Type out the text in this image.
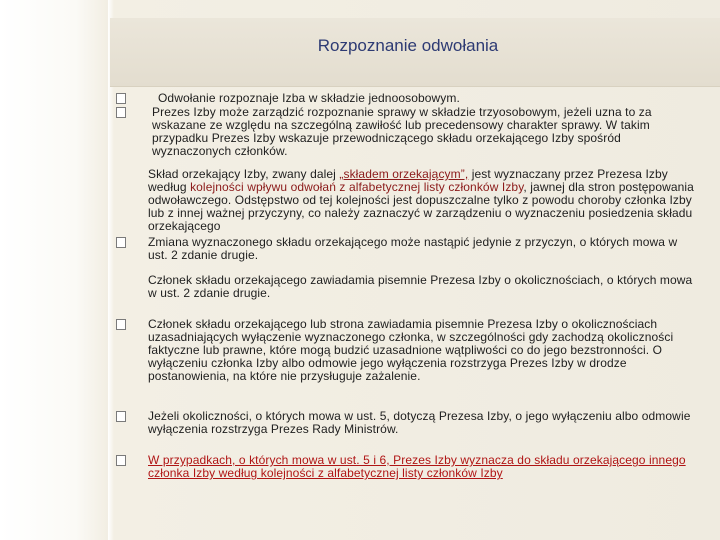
Rozpoznanie odwołania
Odwołanie rozpoznaje Izba w składzie jednoosobowym.
Prezes Izby może zarządzić rozpoznanie sprawy w składzie trzyosobowym, jeżeli uzna to za wskazane ze względu na szczególną zawiłość lub precedensowy charakter sprawy. W takim przypadku Prezes Izby wskazuje przewodniczącego składu orzekającego Izby spośród wyznaczonych członków.
Skład orzekający Izby, zwany dalej „składem orzekającym”, jest wyznaczany przez Prezesa Izby według kolejności wpływu odwołań z alfabetycznej listy członków Izby, jawnej dla stron postępowania odwoławczego. Odstępstwo od tej kolejności jest dopuszczalne tylko z powodu choroby członka Izby lub z innej ważnej przyczyny, co należy zaznaczyć w zarządzeniu o wyznaczeniu posiedzenia składu orzekającego
Zmiana wyznaczonego składu orzekającego może nastąpić jedynie z przyczyn, o których mowa w ust. 2 zdanie drugie.
Członek składu orzekającego zawiadamia pisemnie Prezesa Izby o okolicznościach, o których mowa w ust. 2 zdanie drugie.
Członek składu orzekającego lub strona zawiadamia pisemnie Prezesa Izby o okolicznościach uzasadniających wyłączenie wyznaczonego członka, w szczególności gdy zachodzą okoliczności faktyczne lub prawne, które mogą budzić uzasadnione wątpliwości co do jego bezstronności. O wyłączeniu członka Izby albo odmowie jego wyłączenia rozstrzyga Prezes Izby w drodze postanowienia, na które nie przysługuje zażalenie.
Jeżeli okoliczności, o których mowa w ust. 5, dotyczą Prezesa Izby, o jego wyłączeniu albo odmowie wyłączenia rozstrzyga Prezes Rady Ministrów.
W przypadkach, o których mowa w ust. 5 i 6, Prezes Izby wyznacza do składu orzekającego innego członka Izby według kolejności z alfabetycznej listy członków Izby
